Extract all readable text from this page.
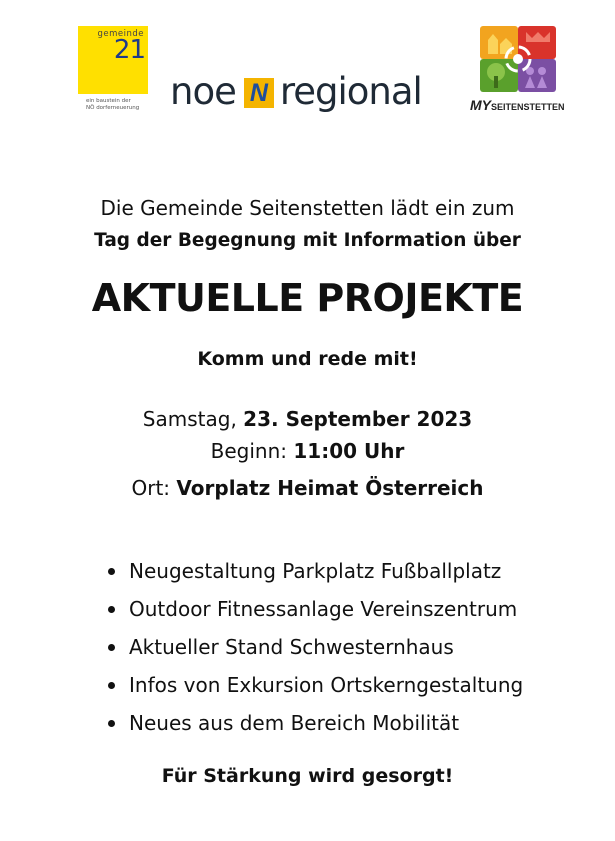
gemeinde
21
ein baustein der
NÖ dorferneuerung noe N regional	MYSEITENSTETTEN
Die Gemeinde Seitenstetten lädt ein zum
Tag der Begegnung mit Information über
AKTUELLE PROJEKTE
Komm und rede mit!
Samstag, 23. September 2023
Beginn: 11:00 Uhr
Ort: Vorplatz Heimat Österreich
Neugestaltung Parkplatz Fußballplatz
Outdoor Fitnessanlage Vereinszentrum
Aktueller Stand Schwesternhaus
Infos von Exkursion Ortskerngestaltung
Neues aus dem Bereich Mobilität
Für Stärkung wird gesorgt!
